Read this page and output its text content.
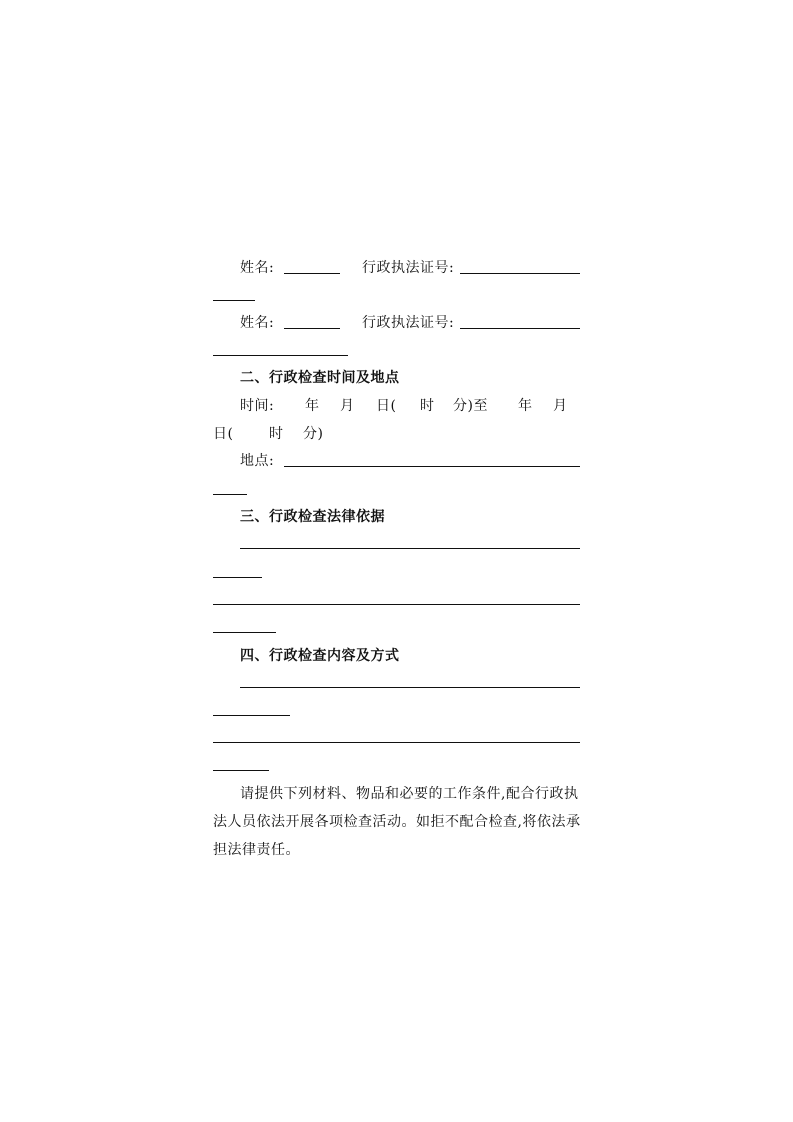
姓名:	行政执法证号:
姓名:	行政执法证号:
二、行政检查时间及地点
时间: 年 月 日( 时 分)至 年 月
日(	时 分)
地点:
三、行政检查法律依据
四、行政检查内容及方式
请提供下列材料、物品和必要的工作条件,配合行政执
法人员依法开展各项检查活动。如拒不配合检查,将依法承
担法律责任。
